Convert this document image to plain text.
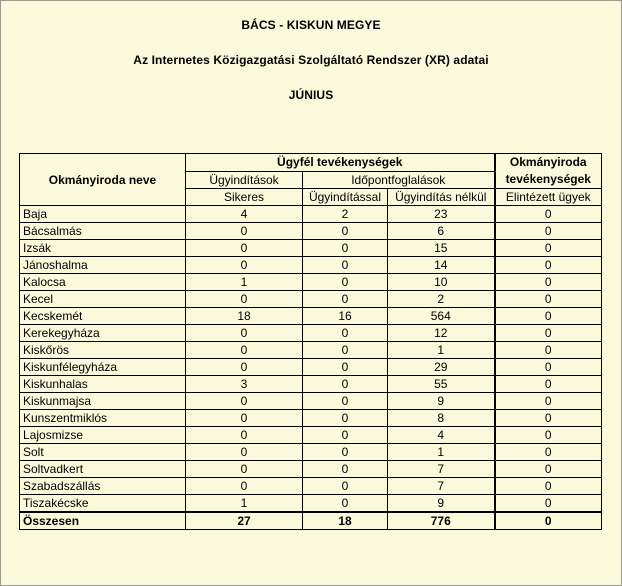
BÁCS - KISKUN MEGYE
Az Internetes Közigazgatási Szolgáltató Rendszer (XR) adatai
JÚNIUS
Okmányiroda neve	Ügyfél tevékenységek			Okmányiroda tevékenységek
	Ügyindítások	Időpontfoglalások		
	Sikeres	Ügyindítással	Ügyindítás nélkül	Elintézett ügyek
Baja	4	2	23	0
Bácsalmás	0	0	6	0
Izsák	0	0	15	0
Jánoshalma	0	0	14	0
Kalocsa	1	0	10	0
Kecel	0	0	2	0
Kecskemét	18	16	564	0
Kerekegyháza	0	0	12	0
Kiskőrös	0	0	1	0
Kiskunfélegyháza	0	0	29	0
Kiskunhalas	3	0	55	0
Kiskunmajsa	0	0	9	0
Kunszentmiklós	0	0	8	0
Lajosmizse	0	0	4	0
Solt	0	0	1	0
Soltvadkert	0	0	7	0
Szabadszállás	0	0	7	0
Tiszakécske	1	0	9	0
Összesen	27	18	776	0
